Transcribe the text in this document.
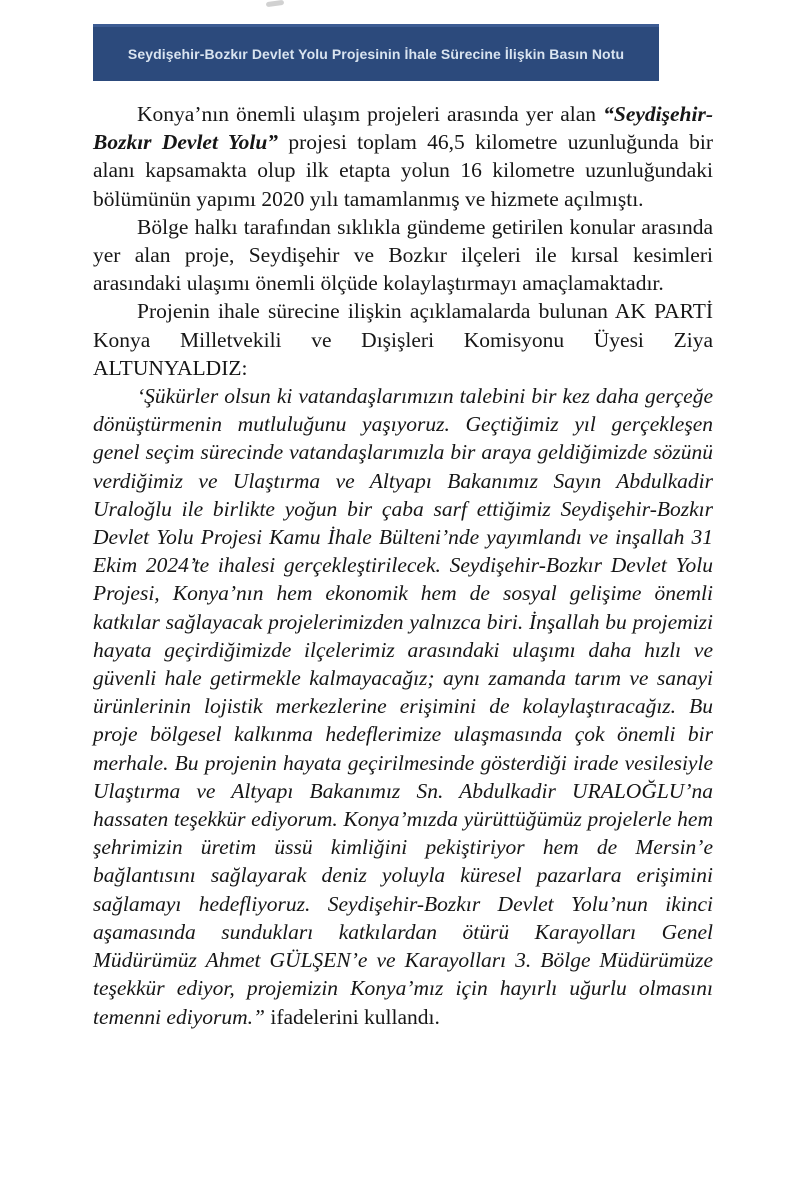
Seydişehir-Bozkır Devlet Yolu Projesinin İhale Sürecine İlişkin Basın Notu

Konya’nın önemli ulaşım projeleri arasında yer alan “Seydişehir-Bozkır Devlet Yolu” projesi toplam 46,5 kilometre uzunluğunda bir alanı kapsamakta olup ilk etapta yolun 16 kilometre uzunluğundaki bölümünün yapımı 2020 yılı tamamlanmış ve hizmete açılmıştı.

Bölge halkı tarafından sıklıkla gündeme getirilen konular arasında yer alan proje, Seydişehir ve Bozkır ilçeleri ile kırsal kesimleri arasındaki ulaşımı önemli ölçüde kolaylaştırmayı amaçlamaktadır.

Projenin ihale sürecine ilişkin açıklamalarda bulunan AK PARTİ Konya Milletvekili ve Dışişleri Komisyonu Üyesi Ziya ALTUNYALDIZ:

‘Şükürler olsun ki vatandaşlarımızın talebini bir kez daha gerçeğe dönüştürmenin mutluluğunu yaşıyoruz. Geçtiğimiz yıl gerçekleşen genel seçim sürecinde vatandaşlarımızla bir araya geldiğimizde sözünü verdiğimiz ve Ulaştırma ve Altyapı Bakanımız Sayın Abdulkadir Uraloğlu ile birlikte yoğun bir çaba sarf ettiğimiz Seydişehir-Bozkır Devlet Yolu Projesi Kamu İhale Bülteni’nde yayımlandı ve inşallah 31 Ekim 2024’te ihalesi gerçekleştirilecek. Seydişehir-Bozkır Devlet Yolu Projesi, Konya’nın hem ekonomik hem de sosyal gelişime önemli katkılar sağlayacak projelerimizden yalnızca biri. İnşallah bu projemizi hayata geçirdiğimizde ilçelerimiz arasındaki ulaşımı daha hızlı ve güvenli hale getirmekle kalmayacağız; aynı zamanda tarım ve sanayi ürünlerinin lojistik merkezlerine erişimini de kolaylaştıracağız. Bu proje bölgesel kalkınma hedeflerimize ulaşmasında çok önemli bir merhale. Bu projenin hayata geçirilmesinde gösterdiği irade vesilesiyle Ulaştırma ve Altyapı Bakanımız Sn. Abdulkadir URALOĞLU’na hassaten teşekkür ediyorum. Konya’mızda yürüttüğümüz projelerle hem şehrimizin üretim üssü kimliğini pekiştiriyor hem de Mersin’e bağlantısını sağlayarak deniz yoluyla küresel pazarlara erişimini sağlamayı hedefliyoruz. Seydişehir-Bozkır Devlet Yolu’nun ikinci aşamasında sundukları katkılardan ötürü Karayolları Genel Müdürümüz Ahmet GÜLŞEN’e ve Karayolları 3. Bölge Müdürümüze teşekkür ediyor, projemizin Konya’mız için hayırlı uğurlu olmasını temenni ediyorum.” ifadelerini kullandı.
